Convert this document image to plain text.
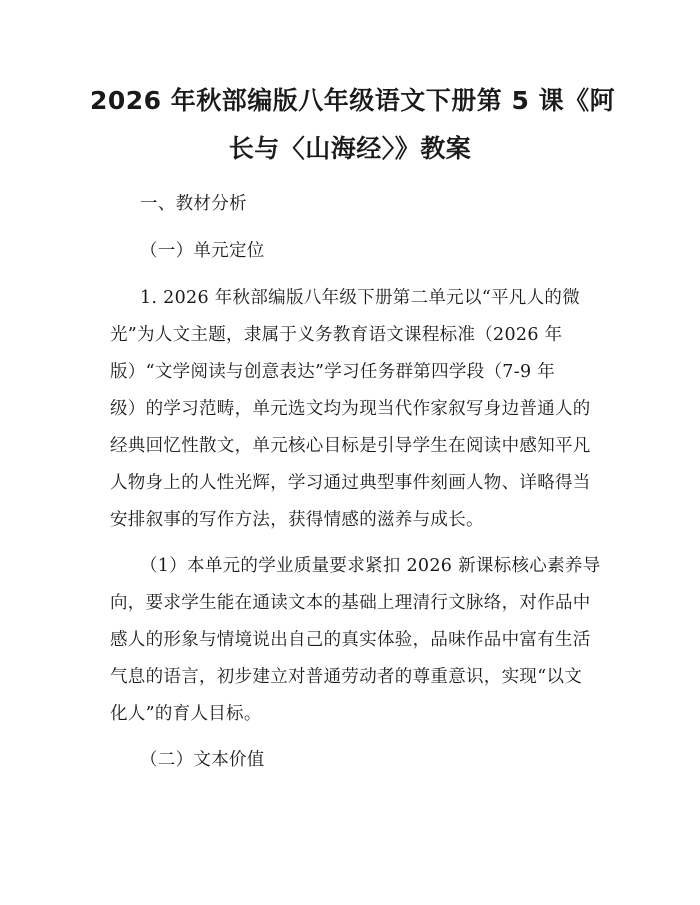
2026 年秋部编版八年级语文下册第 5 课《阿
长与〈山海经〉》教案
一、教材分析
（一）单元定位
1. 2026 年秋部编版八年级下册第二单元以“平凡人的微
光”为人文主题，隶属于义务教育语文课程标准（2026 年
版）“文学阅读与创意表达”学习任务群第四学段（7-9 年
级）的学习范畴，单元选文均为现当代作家叙写身边普通人的
经典回忆性散文，单元核心目标是引导学生在阅读中感知平凡
人物身上的人性光辉，学习通过典型事件刻画人物、详略得当
安排叙事的写作方法，获得情感的滋养与成长。
（1）本单元的学业质量要求紧扣 2026 新课标核心素养导
向，要求学生能在通读文本的基础上理清行文脉络，对作品中
感人的形象与情境说出自己的真实体验，品味作品中富有生活
气息的语言，初步建立对普通劳动者的尊重意识，实现“以文
化人”的育人目标。
（二）文本价值
